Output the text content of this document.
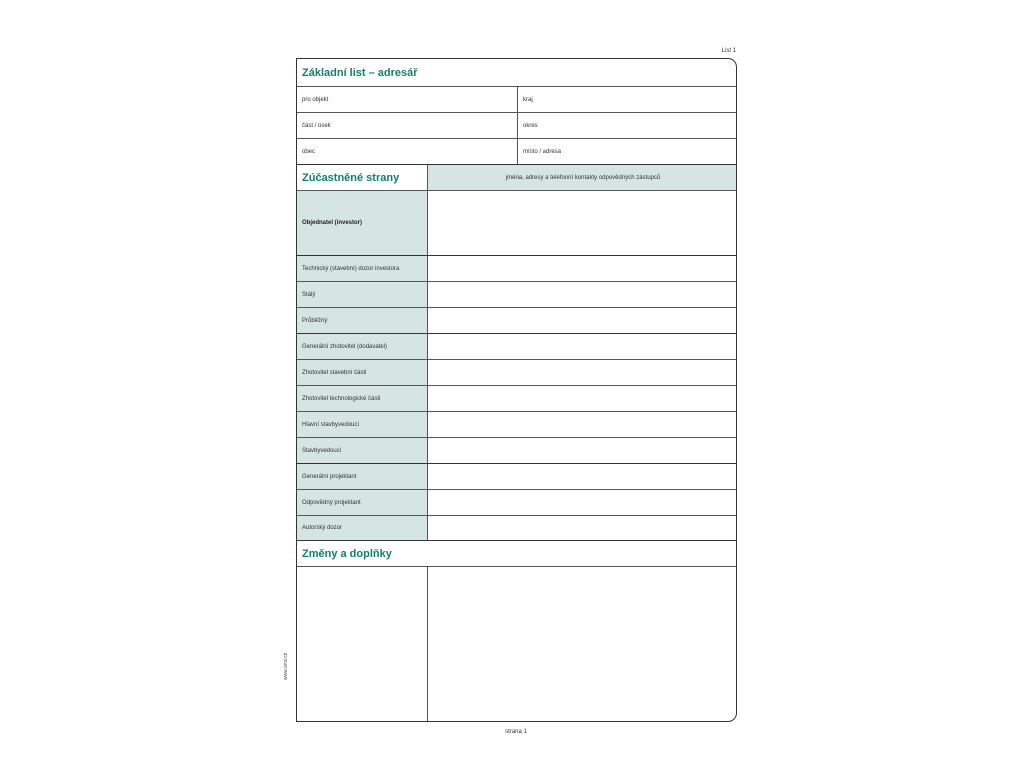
List 1
Základní list – adresář
pro objekt	kraj
část / úsek	okres
obec	místo / adresa
Zúčastněné strany	jména, adresy a telefonní kontakty odpovědných zástupců
Objednatel (investor)
Technický (stavební) dozor investora
Stálý
Průběžný
Generální zhotovitel (dodavatel)
Zhotovitel stavební části
Zhotovitel technologické části
Hlavní stavbyvedoucí
Stavbyvedoucí
Generální projektant
Odpovědný projektant
Autorský dozor
Změny a doplňky
www.arra.cz
strana 1
